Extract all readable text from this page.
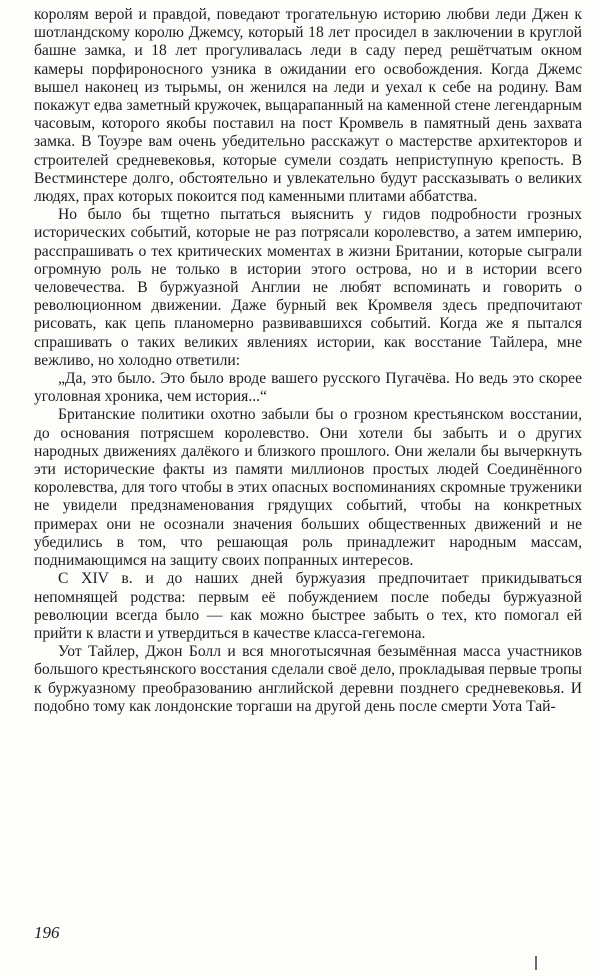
королям верой и правдой, поведают трогательную историю любви леди Джен к шотландскому королю Джемсу, который 18 лет просидел в заключении в круглой башне замка, и 18 лет прогуливалась леди в саду перед решётчатым окном камеры порфироносного узника в ожидании его освобождения. Когда Джемс вышел наконец из тырьмы, он женился на леди и уехал к себе на родину. Вам покажут едва заметный кружочек, выцарапанный на каменной стене легендарным часовым, которого якобы поставил на пост Кромвель в памятный день захвата замка. В Тоуэре вам очень убедительно расскажут о мастерстве архитекторов и строителей средневековья, которые сумели создать неприступную крепость. В Вестминстере долго, обстоятельно и увлекательно будут рассказывать о великих людях, прах которых покоится под каменными плитами аббатства.

Но было бы тщетно пытаться выяснить у гидов подробности грозных исторических событий, которые не раз потрясали королевство, а затем империю, расспрашивать о тех критических моментах в жизни Британии, которые сыграли огромную роль не только в истории этого острова, но и в истории всего человечества. В буржуазной Англии не любят вспоминать и говорить о революционном движении. Даже бурный век Кромвеля здесь предпочитают рисовать, как цепь планомерно развивавшихся событий. Когда же я пытался спрашивать о таких великих явлениях истории, как восстание Тайлера, мне вежливо, но холодно ответили:

„Да, это было. Это было вроде вашего русского Пугачёва. Но ведь это скорее уголовная хроника, чем история...“

Британские политики охотно забыли бы о грозном крестьянском восстании, до основания потрясшем королевство. Они хотели бы забыть и о других народных движениях далёкого и близкого прошлого. Они желали бы вычеркнуть эти исторические факты из памяти миллионов простых людей Соединённого королевства, для того чтобы в этих опасных воспоминаниях скромные труженики не увидели предзнаменования грядущих событий, чтобы на конкретных примерах они не осознали значения больших общественных движений и не убедились в том, что решающая роль принадлежит народным массам, поднимающимся на защиту своих попранных интересов.

С XIV в. и до наших дней буржуазия предпочитает прикидываться непомнящей родства: первым её побуждением после победы буржуазной революции всегда было — как можно быстрее забыть о тех, кто помогал ей прийти к власти и утвердиться в качестве класса-гегемона.

Уот Тайлер, Джон Болл и вся многотысячная безымённая масса участников большого крестьянского восстания сделали своё дело, прокладывая первые тропы к буржуазному преобразованию английской деревни позднего средневековья. И подобно тому как лондонские торгаши на другой день после смерти Уота Тай-

196
